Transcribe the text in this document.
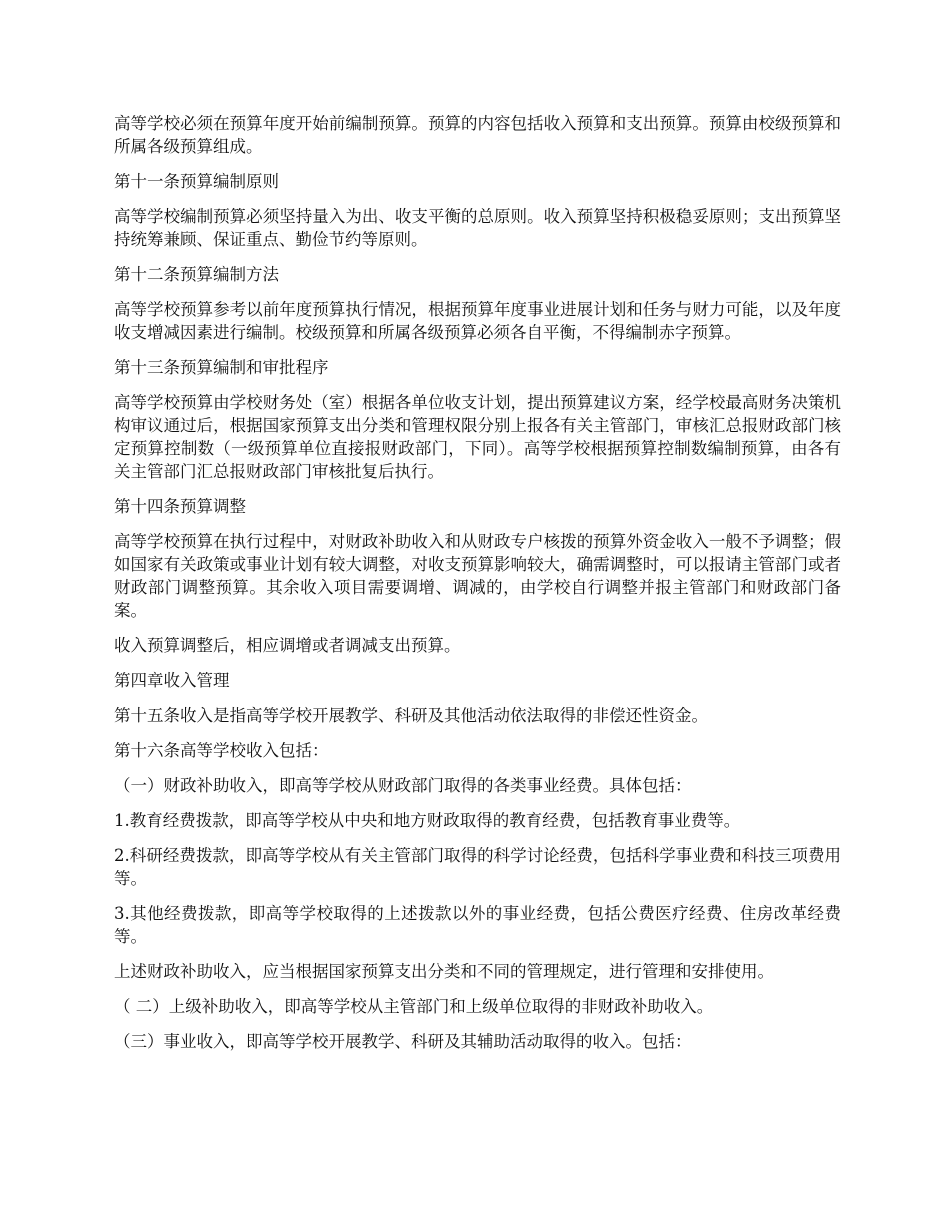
高等学校必须在预算年度开始前编制预算。预算的内容包括收入预算和支出预算。预算由校级预算和所属各级预算组成。

第十一条预算编制原则

高等学校编制预算必须坚持量入为出、收支平衡的总原则。收入预算坚持积极稳妥原则；支出预算坚持统筹兼顾、保证重点、勤俭节约等原则。

第十二条预算编制方法

高等学校预算参考以前年度预算执行情况，根据预算年度事业进展计划和任务与财力可能，以及年度收支增减因素进行编制。校级预算和所属各级预算必须各自平衡，不得编制赤字预算。

第十三条预算编制和审批程序

高等学校预算由学校财务处（室）根据各单位收支计划，提出预算建议方案，经学校最高财务决策机构审议通过后，根据国家预算支出分类和管理权限分别上报各有关主管部门，审核汇总报财政部门核定预算控制数（一级预算单位直接报财政部门，下同）。高等学校根据预算控制数编制预算，由各有关主管部门汇总报财政部门审核批复后执行。

第十四条预算调整

高等学校预算在执行过程中，对财政补助收入和从财政专户核拨的预算外资金收入一般不予调整；假如国家有关政策或事业计划有较大调整，对收支预算影响较大，确需调整时，可以报请主管部门或者财政部门调整预算。其余收入项目需要调增、调减的，由学校自行调整并报主管部门和财政部门备案。

收入预算调整后，相应调增或者调减支出预算。

第四章收入管理

第十五条收入是指高等学校开展教学、科研及其他活动依法取得的非偿还性资金。

第十六条高等学校收入包括：

（一）财政补助收入，即高等学校从财政部门取得的各类事业经费。具体包括：

1.教育经费拨款，即高等学校从中央和地方财政取得的教育经费，包括教育事业费等。

2.科研经费拨款，即高等学校从有关主管部门取得的科学讨论经费，包括科学事业费和科技三项费用等。

3.其他经费拨款，即高等学校取得的上述拨款以外的事业经费，包括公费医疗经费、住房改革经费等。

上述财政补助收入，应当根据国家预算支出分类和不同的管理规定，进行管理和安排使用。

（ 二）上级补助收入，即高等学校从主管部门和上级单位取得的非财政补助收入。

（三）事业收入，即高等学校开展教学、科研及其辅助活动取得的收入。包括：
